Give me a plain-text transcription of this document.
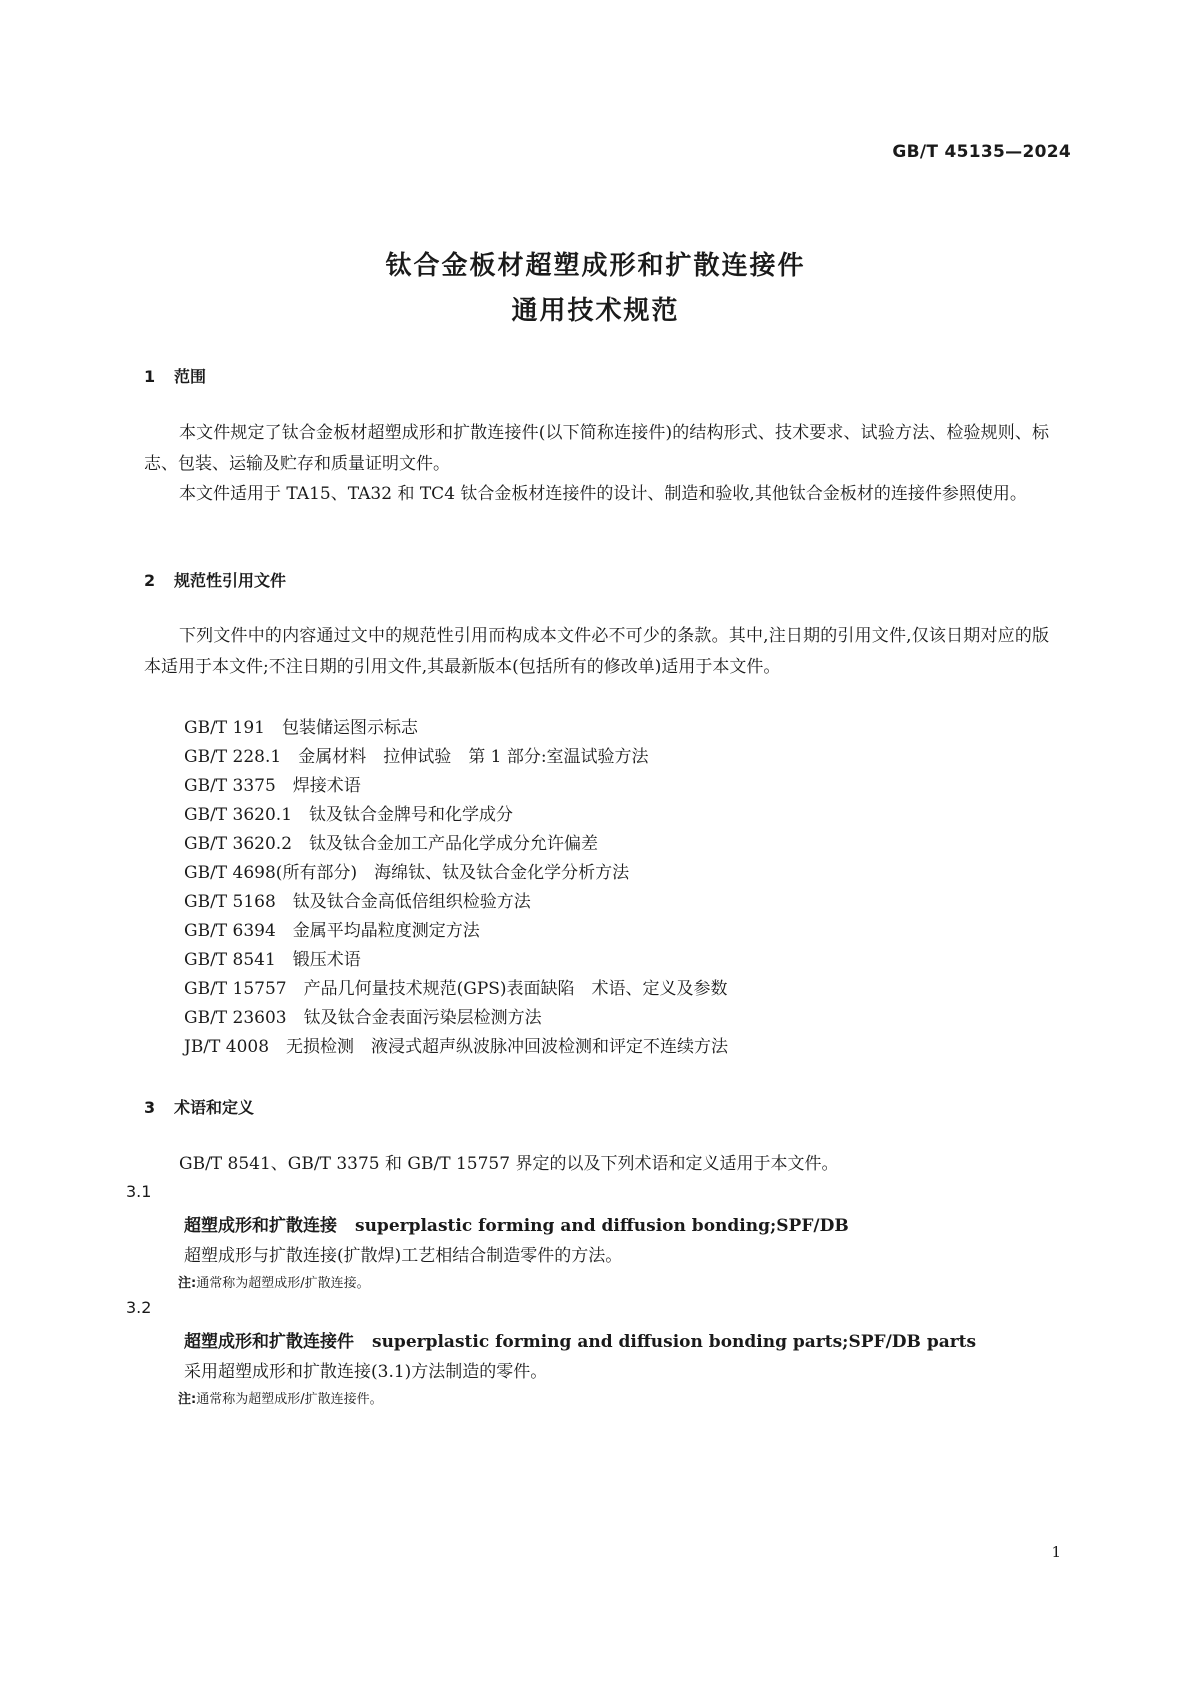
GB/T 45135—2024
钛合金板材超塑成形和扩散连接件
通用技术规范
1 范围
本文件规定了钛合金板材超塑成形和扩散连接件(以下简称连接件)的结构形式、技术要求、试验方法、检验规则、标志、包装、运输及贮存和质量证明文件。
本文件适用于 TA15、TA32 和 TC4 钛合金板材连接件的设计、制造和验收,其他钛合金板材的连接件参照使用。
2 规范性引用文件
下列文件中的内容通过文中的规范性引用而构成本文件必不可少的条款。其中,注日期的引用文件,仅该日期对应的版本适用于本文件;不注日期的引用文件,其最新版本(包括所有的修改单)适用于本文件。
GB/T 191　包装储运图示标志
GB/T 228.1　金属材料　拉伸试验　第 1 部分:室温试验方法
GB/T 3375　焊接术语
GB/T 3620.1　钛及钛合金牌号和化学成分
GB/T 3620.2　钛及钛合金加工产品化学成分允许偏差
GB/T 4698(所有部分)　海绵钛、钛及钛合金化学分析方法
GB/T 5168　钛及钛合金高低倍组织检验方法
GB/T 6394　金属平均晶粒度测定方法
GB/T 8541　锻压术语
GB/T 15757　产品几何量技术规范(GPS)表面缺陷　术语、定义及参数
GB/T 23603　钛及钛合金表面污染层检测方法
JB/T 4008　无损检测　液浸式超声纵波脉冲回波检测和评定不连续方法
3 术语和定义
GB/T 8541、GB/T 3375 和 GB/T 15757 界定的以及下列术语和定义适用于本文件。
3.1
超塑成形和扩散连接 superplastic forming and diffusion bonding;SPF/DB
超塑成形与扩散连接(扩散焊)工艺相结合制造零件的方法。
注:通常称为超塑成形/扩散连接。
3.2
超塑成形和扩散连接件 superplastic forming and diffusion bonding parts;SPF/DB parts
采用超塑成形和扩散连接(3.1)方法制造的零件。
注:通常称为超塑成形/扩散连接件。
1
